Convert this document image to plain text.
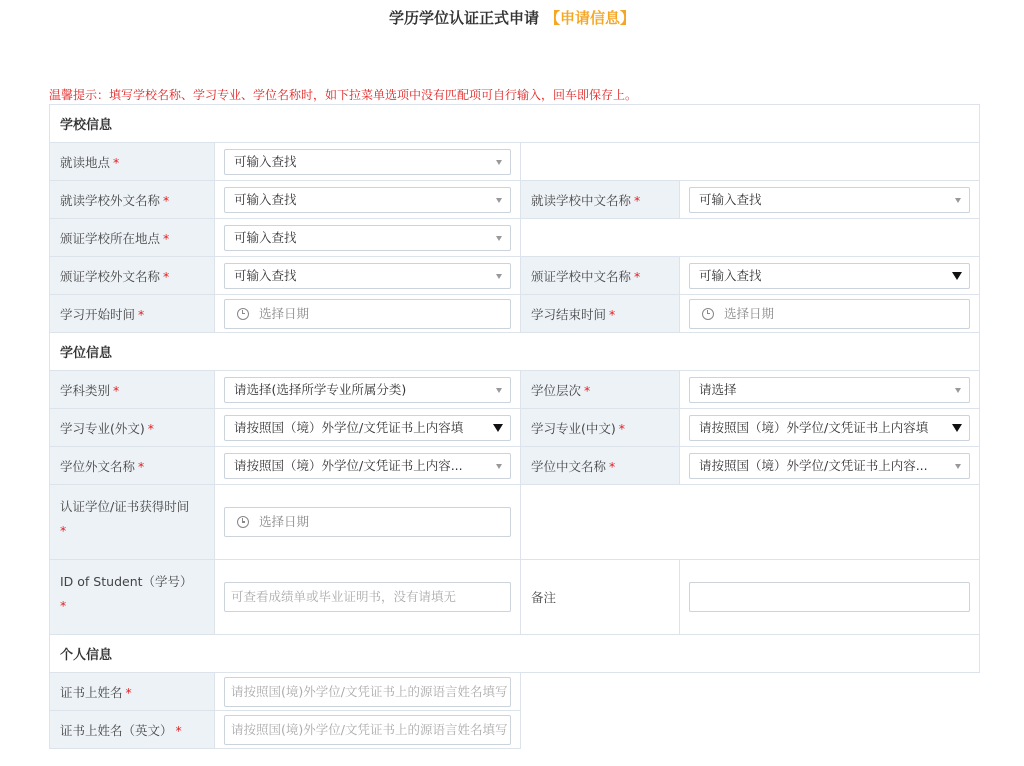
学历学位认证正式申请 【申请信息】
温馨提示：填写学校名称、学习专业、学位名称时，如下拉菜单选项中没有匹配项可自行输入，回车即保存上。
学校信息			
就读地点 *	可输入查找		

就读学校外文名称 *	可输入查找	就读学校中文名称 *	可输入查找

颁证学校所在地点 *	可输入查找		

颁证学校外文名称 *	可输入查找	颁证学校中文名称 *	可输入查找

学习开始时间 *	选择日期	学习结束时间 *	选择日期

学位信息			
学科类别 *	请选择(选择所学专业所属分类)	学位层次 *	请选择

学习专业(外文) *	请按照国（境）外学位/文凭证书上内容填	学习专业(中文) *	请按照国（境）外学位/文凭证书上内容填

学位外文名称 *	请按照国（境）外学位/文凭证书上内容...	学位中文名称 *	请按照国（境）外学位/文凭证书上内容...

认证学位/证书获得时间
*	选择日期		

ID of Student（学号）
*	可查看成绩单或毕业证明书，没有请填无	备注	

个人信息			
证书上姓名 *	请按照国(境)外学位/文凭证书上的源语言姓名填写		

证书上姓名（英文） *	请按照国(境)外学位/文凭证书上的源语言姓名填写		
